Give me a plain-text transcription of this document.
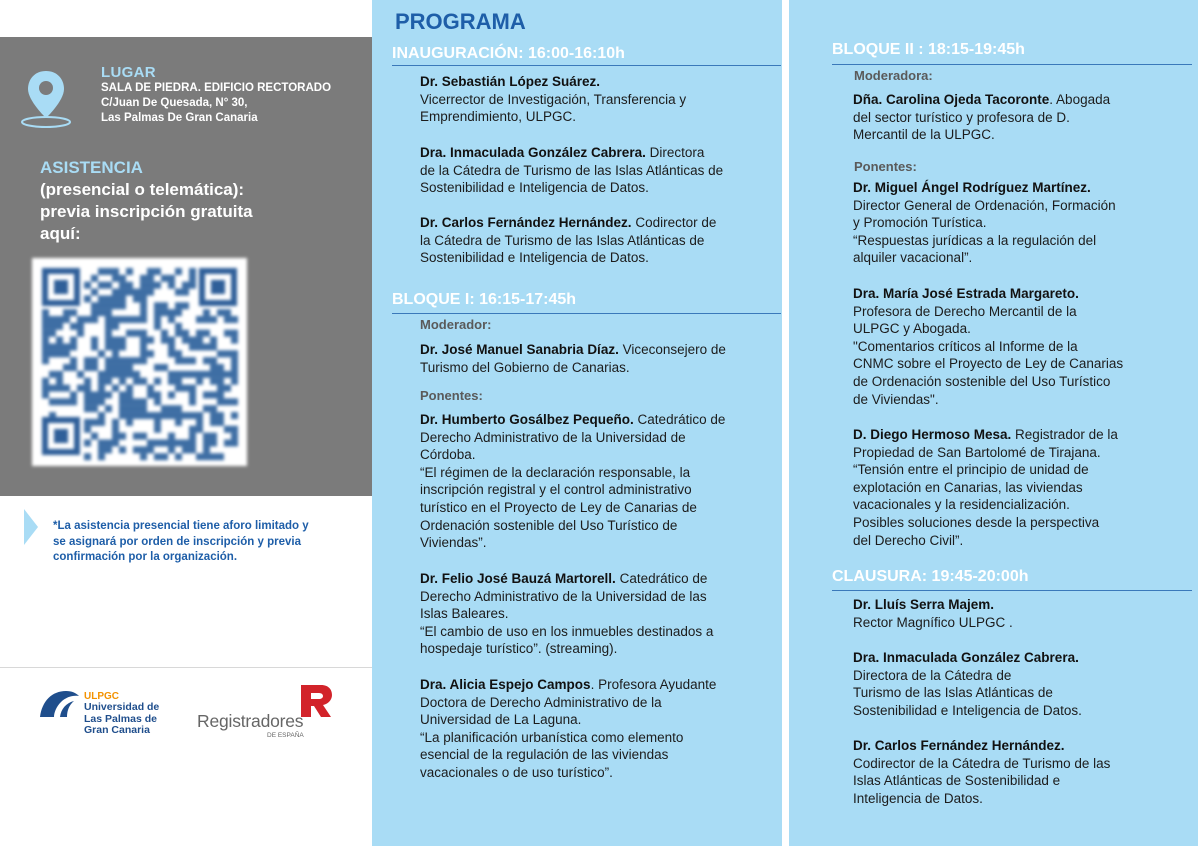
LUGAR
SALA DE PIEDRA. EDIFICIO RECTORADO
C/Juan De Quesada, N° 30,
Las Palmas De Gran Canaria
ASISTENCIA
(presencial o telemática):
previa inscripción gratuita
aquí:
*La asistencia presencial tiene aforo limitado y
se asignará por orden de inscripción y previa
confirmación por la organización.
ULPGC
Universidad de
Las Palmas de
Gran Canaria	Registradores
DE ESPAÑA
PROGRAMA
INAUGURACIÓN: 16:00-16:10h
Dr. Sebastián López Suárez.
Vicerrector de Investigación, Transferencia y
Emprendimiento, ULPGC.
Dra. Inmaculada González Cabrera. Directora
de la Cátedra de Turismo de las Islas Atlánticas de
Sostenibilidad e Inteligencia de Datos.
Dr. Carlos Fernández Hernández. Codirector de
la Cátedra de Turismo de las Islas Atlánticas de
Sostenibilidad e Inteligencia de Datos.
BLOQUE I: 16:15-17:45h
Moderador:
Dr. José Manuel Sanabria Díaz. Viceconsejero de
Turismo del Gobierno de Canarias.
Ponentes:
Dr. Humberto Gosálbez Pequeño. Catedrático de
Derecho Administrativo de la Universidad de
Córdoba.
“El régimen de la declaración responsable, la
inscripción registral y el control administrativo
turístico en el Proyecto de Ley de Canarias de
Ordenación sostenible del Uso Turístico de
Viviendas”.
Dr. Felio José Bauzá Martorell. Catedrático de
Derecho Administrativo de la Universidad de las
Islas Baleares.
“El cambio de uso en los inmuebles destinados a
hospedaje turístico”. (streaming).
Dra. Alicia Espejo Campos. Profesora Ayudante
Doctora de Derecho Administrativo de la
Universidad de La Laguna.
“La planificación urbanística como elemento
esencial de la regulación de las viviendas
vacacionales o de uso turístico”.
BLOQUE II : 18:15-19:45h
Moderadora:
Dña. Carolina Ojeda Tacoronte. Abogada
del sector turístico y profesora de D.
Mercantil de la ULPGC.
Ponentes:
Dr. Miguel Ángel Rodríguez Martínez.
Director General de Ordenación, Formación
y Promoción Turística.
“Respuestas jurídicas a la regulación del
alquiler vacacional”.
Dra. María José Estrada Margareto.
Profesora de Derecho Mercantil de la
ULPGC y Abogada.
"Comentarios críticos al Informe de la
CNMC sobre el Proyecto de Ley de Canarias
de Ordenación sostenible del Uso Turístico
de Viviendas".
D. Diego Hermoso Mesa. Registrador de la
Propiedad de San Bartolomé de Tirajana.
“Tensión entre el principio de unidad de
explotación en Canarias, las viviendas
vacacionales y la residencialización.
Posibles soluciones desde la perspectiva
del Derecho Civil”.
CLAUSURA: 19:45-20:00h
Dr. Lluís Serra Majem.
Rector Magnífico ULPGC .
Dra. Inmaculada González Cabrera.
Directora de la Cátedra de
Turismo de las Islas Atlánticas de
Sostenibilidad e Inteligencia de Datos.
Dr. Carlos Fernández Hernández.
Codirector de la Cátedra de Turismo de las
Islas Atlánticas de Sostenibilidad e
Inteligencia de Datos.
